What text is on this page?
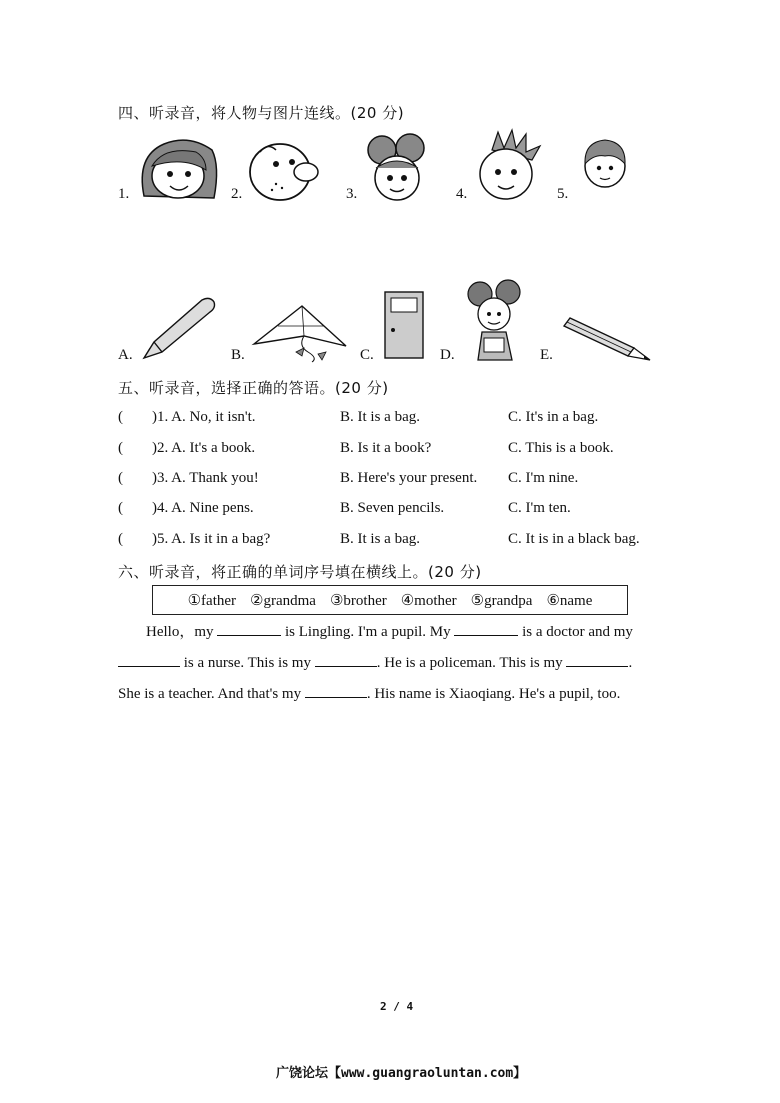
四、听录音，将人物与图片连线。(20 分)
1.	2.	3.	4.	5.
A.	B.	C.	D.	E.
五、听录音，选择正确的答语。(20 分)
( )1. A. No, it isn't.	B. It is a bag.	C. It's in a bag.
( )2. A. It's a book.	B. Is it a book?	C. This is a book.
( )3. A. Thank you!	B. Here's your present. C. I'm nine.
( )4. A. Nine pens.	B. Seven pencils.	C. I'm ten.
( )5. A. Is it in a bag?	B. It is a bag.	C. It is in a black bag.
六、听录音，将正确的单词序号填在横线上。(20 分)
①father ②grandma ③brother ④mother ⑤grandpa ⑥name
Hello，my	is Lingling. I'm a pupil. My	is a doctor and my
is a nurse. This is my	. He is a policeman. This is my	.
She is a teacher. And that's my	. His name is Xiaoqiang. He's a pupil, too.
2 / 4
广饶论坛【www.guangraoluntan.com】
